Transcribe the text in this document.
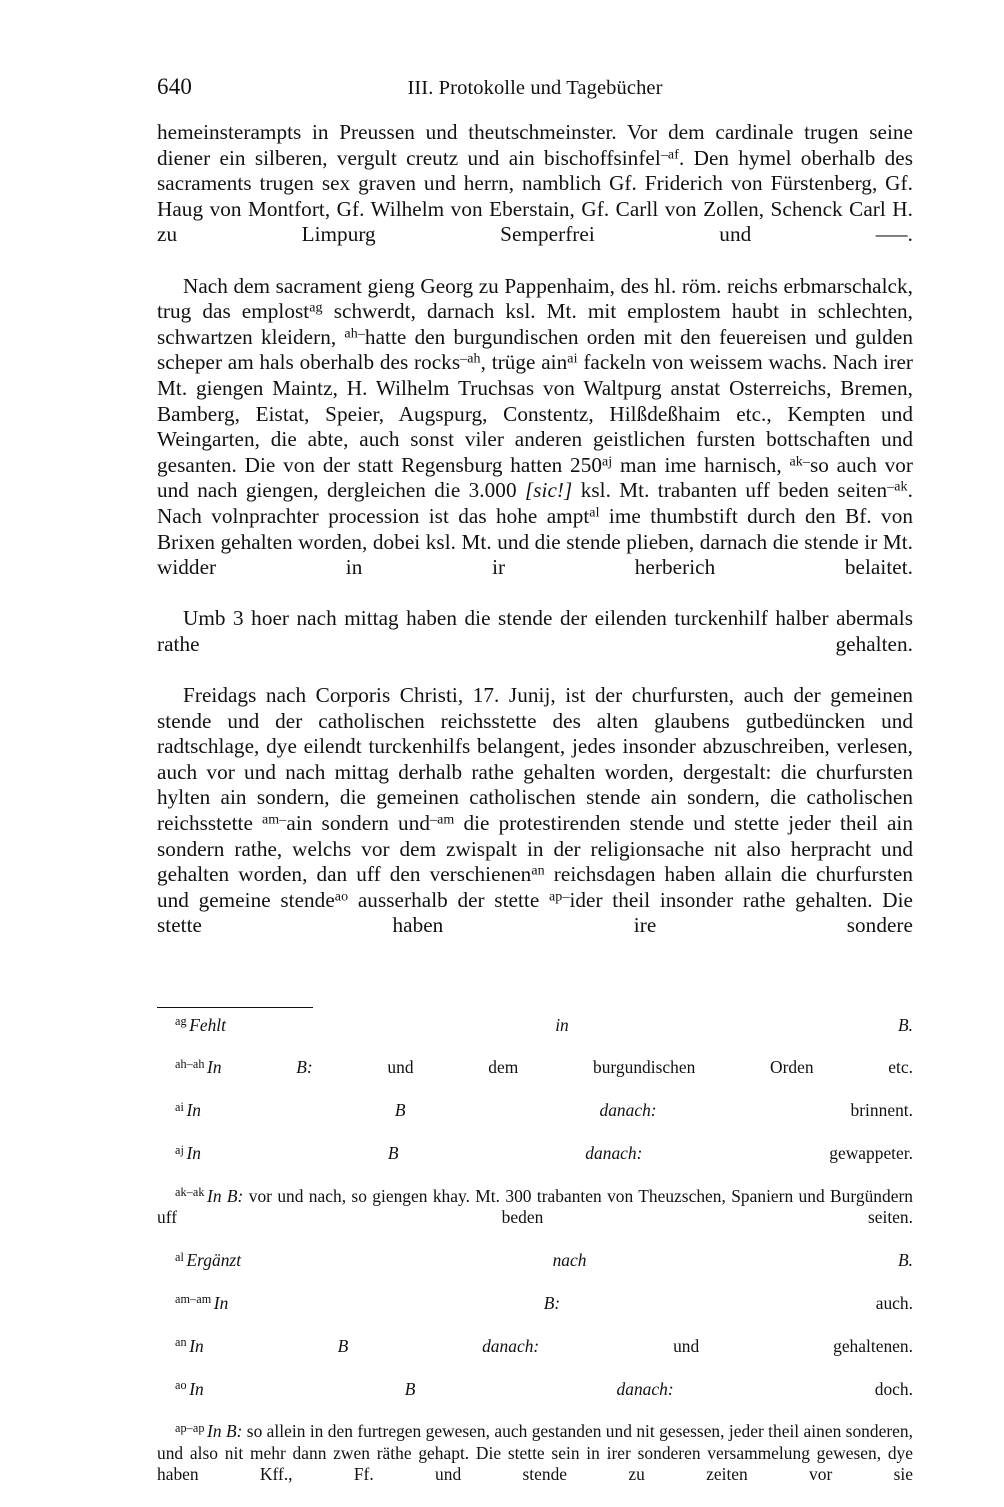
640	III. Protokolle und Tagebücher

hemeinsterampts in Preussen und theutschmeinster. Vor dem cardinale trugen seine diener ein silberen, vergult creutz und ain bischoffsinfel$^{-af}$. Den hymel oberhalb des sacraments trugen sex graven und herrn, namblich Gf. Friderich von Fürstenberg, Gf. Haug von Montfort, Gf. Wilhelm von Eberstain, Gf. Carll von Zollen, Schenck Carl H. zu Limpurg Semperfrei und –––.

Nach dem sacrament gieng Georg zu Pappenhaim, des hl. röm. reichs erbmarschalck, trug das emplost$^{ag}$ schwerdt, darnach ksl. Mt. mit emplostem haubt in schlechten, schwartzen kleidern, $^{ah-}$hatte den burgundischen orden mit den feuereisen und gulden scheper am hals oberhalb des rocks$^{-ah}$, trüge ain$^{ai}$ fackeln von weissem wachs. Nach irer Mt. giengen Maintz, H. Wilhelm Truchsas von Waltpurg anstat Osterreichs, Bremen, Bamberg, Eistat, Speier, Augspurg, Constentz, Hilßdeßhaim etc., Kempten und Weingarten, die abte, auch sonst viler anderen geistlichen fursten bottschaften und gesanten. Die von der statt Regensburg hatten $250^{aj}$ man ime harnisch, $^{ak-}$so auch vor und nach giengen, dergleichen die 3.000 [sic!] ksl. Mt. trabanten uff beden seiten$^{-ak}$. Nach volnprachter procession ist das hohe ampt$^{al}$ ime thumbstift durch den Bf. von Brixen gehalten worden, dobei ksl. Mt. und die stende plieben, darnach die stende ir Mt. widder in ir herberich belaitet.

Umb 3 hoer nach mittag haben die stende der eilenden turckenhilf halber abermals rathe gehalten.

Freidags nach Corporis Christi, 17. Junij, ist der churfursten, auch der gemeinen stende und der catholischen reichsstette des alten glaubens gutbedüncken und radtschlage, dye eilendt turckenhilfs belangent, jedes insonder abzuschreiben, verlesen, auch vor und nach mittag derhalb rathe gehalten worden, dergestalt: die churfursten hylten ain sondern, die gemeinen catholischen stende ain sondern, die catholischen reichsstette $^{am-}$ain sondern und$^{-am}$ die protestirenden stende und stette jeder theil ain sondern rathe, welchs vor dem zwispalt in der religionsache nit also herpracht und gehalten worden, dan uff den verschienen$^{an}$ reichsdagen haben allain die churfursten und gemeine stende$^{ao}$ ausserhalb der stette $^{ap-}$ider theil insonder rathe gehalten. Die stette haben ire sondere

$^{ag}$ Fehlt in B.

$^{ah-ah}$ In B: und dem burgundischen Orden etc.

$^{ai}$ In B danach: brinnent.

$^{aj}$ In B danach: gewappeter.

$^{ak-ak}$ In B: vor und nach, so giengen khay. Mt. 300 trabanten von Theuzschen, Spaniern und Burgündern uff beden seiten.

$^{al}$ Ergänzt nach B.

$^{am-am}$ In B: auch.

$^{an}$ In B danach: und gehaltenen.

$^{ao}$ In B danach: doch.

$^{ap-ap}$ In B: so allein in den furtregen gewesen, auch gestanden und nit gesessen, jeder theil ainen sonderen, und also nit mehr dann zwen räthe gehapt. Die stette sein in irer sonderen versammelung gewesen, dye haben Kff., Ff. und stende zu zeiten vor sie
